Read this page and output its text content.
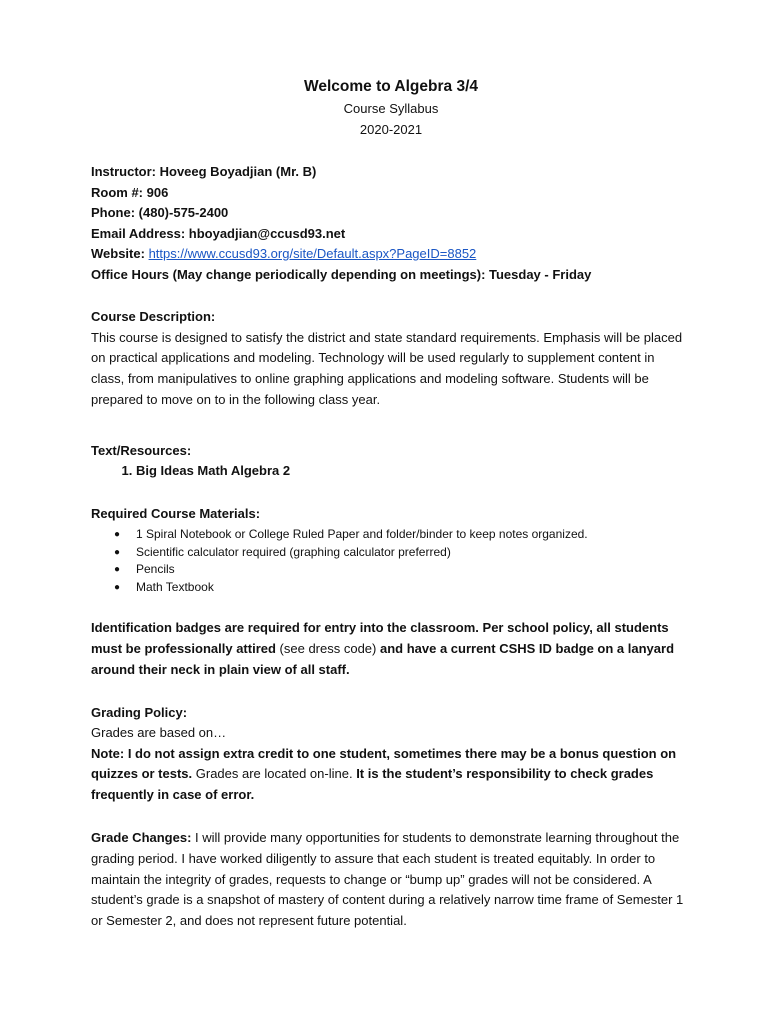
Welcome to Algebra 3/4

Course Syllabus

2020-2021

Instructor: Hoveeg Boyadjian (Mr. B)

Room #: 906

Phone: (480)-575-2400

Email Address: hboyadjian@ccusd93.net

Website: https://www.ccusd93.org/site/Default.aspx?PageID=8852

Office Hours (May change periodically depending on meetings): Tuesday - Friday

Course Description:

This course is designed to satisfy the district and state standard requirements. Emphasis will be placed on practical applications and modeling. Technology will be used regularly to supplement content in class, from manipulatives to online graphing applications and modeling software. Students will be prepared to move on to in the following class year.

Text/Resources:

1. Big Ideas Math Algebra 2

Required Course Materials:

● 1 Spiral Notebook or College Ruled Paper and folder/binder to keep notes organized.
● Scientific calculator required (graphing calculator preferred)
● Pencils
● Math Textbook

Identification badges are required for entry into the classroom. Per school policy, all students must be professionally attired (see dress code) and have a current CSHS ID badge on a lanyard around their neck in plain view of all staff.

Grading Policy:

Grades are based on…

Note: I do not assign extra credit to one student, sometimes there may be a bonus question on quizzes or tests. Grades are located on-line. It is the student’s responsibility to check grades frequently in case of error.

Grade Changes: I will provide many opportunities for students to demonstrate learning throughout the grading period. I have worked diligently to assure that each student is treated equitably. In order to maintain the integrity of grades, requests to change or “bump up” grades will not be considered. A student’s grade is a snapshot of mastery of content during a relatively narrow time frame of Semester 1 or Semester 2, and does not represent future potential.
